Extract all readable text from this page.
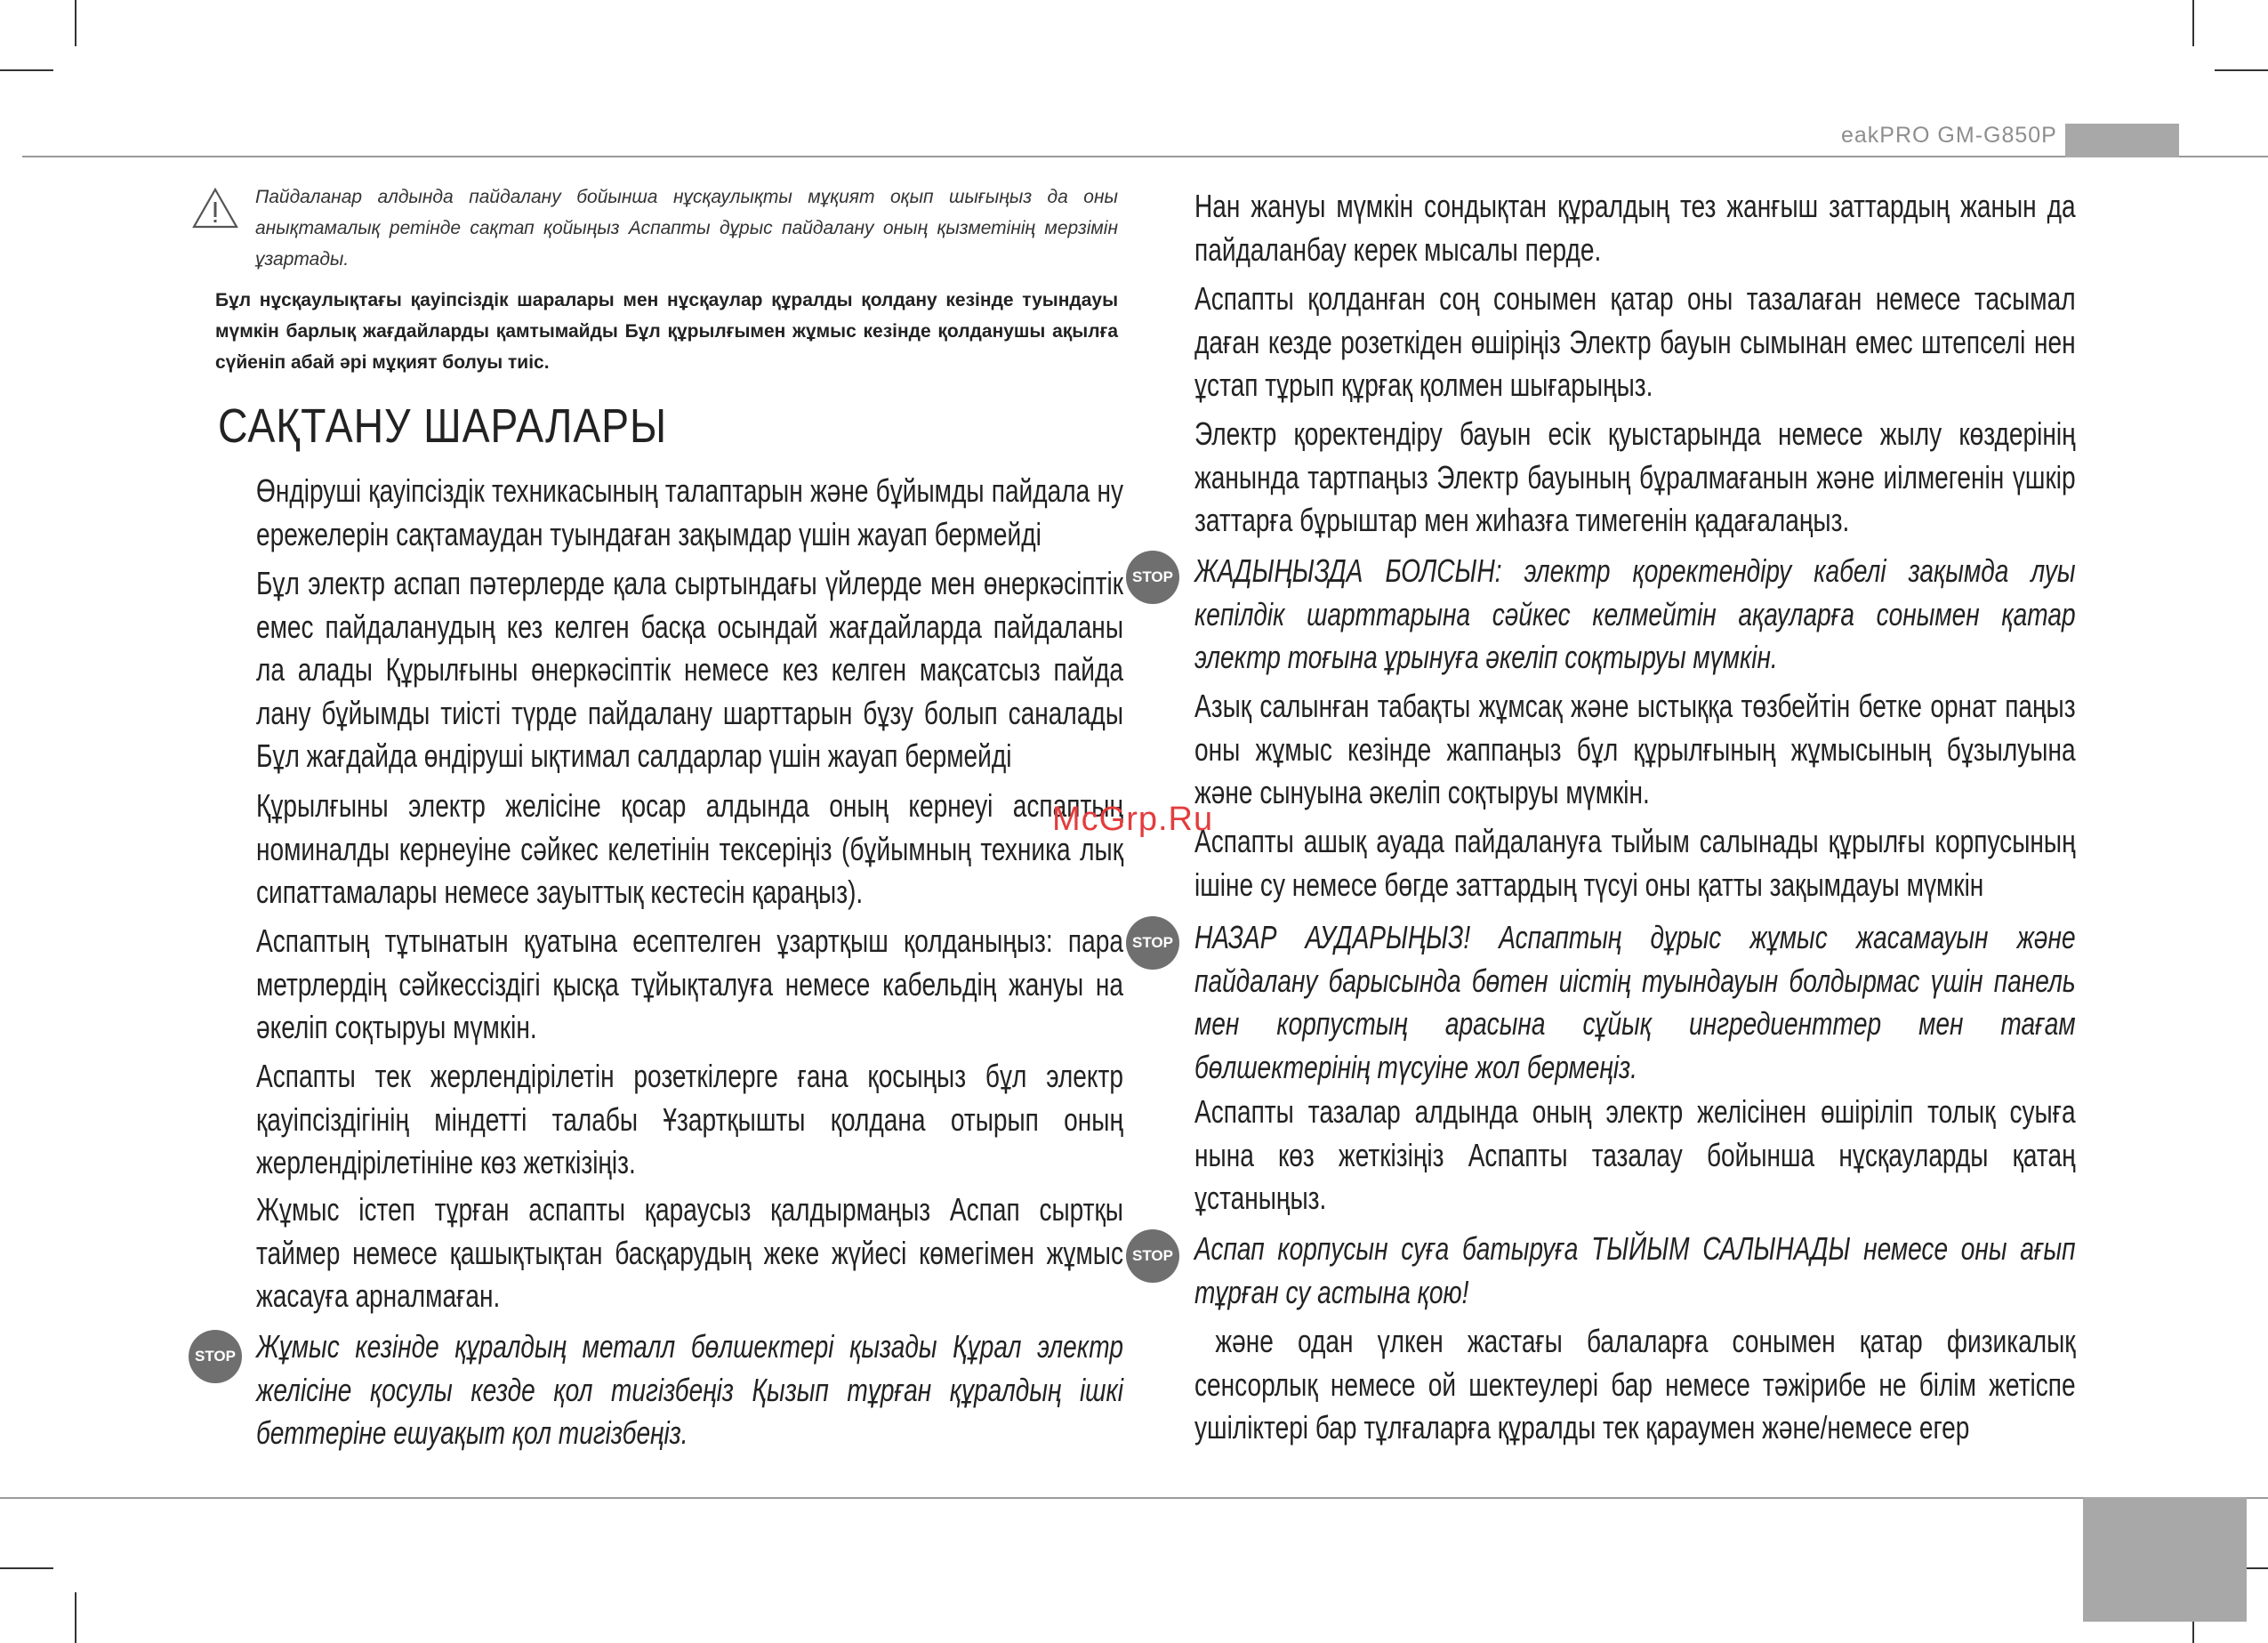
eakPRO GM-G850P
Пайдаланар алдында пайдалану бойынша нұсқаулықты мұқият оқып шығыңыз да оны анықтамалық ретінде сақтап қойыңыз Аспапты дұрыс пайдалану оның қызметінің мерзімін ұзартады.
Бұл нұсқаулықтағы қауіпсіздік шаралары мен нұсқаулар құралды қолдану кезінде туындауы мүмкін барлық жағдайларды қамтымайды Бұл құрылғымен жұмыс кезінде қолданушы ақылға сүйеніп абай әрі мұқият болуы тиіс.
САҚТАНУ ШАРАЛАРЫ
Өндіруші қауіпсіздік техникасының талаптарын және бұйымды пайдала ну ережелерін сақтамаудан туындаған зақымдар үшін жауап бермейді
Бұл электр аспап пәтерлерде қала сыртындағы үйлерде мен өнеркәсіптік емес пайдаланудың кез келген басқа осындай жағдайларда пайдаланы ла алады Құрылғыны өнеркәсіптік немесе кез келген мақсатсыз пайда лану бұйымды тиісті түрде пайдалану шарттарын бұзу болып саналады Бұл жағдайда өндіруші ықтимал салдарлар үшін жауап бермейді
Құрылғыны электр желісіне қосар алдында оның кернеуі аспаптың номиналды кернеуіне сәйкес келетінін тексеріңіз (бұйымның техника лық сипаттамалары немесе зауыттық кестесін қараңыз).
Аспаптың тұтынатын қуатына есептелген ұзартқыш қолданыңыз: пара метрлердің сәйкессіздігі қысқа тұйықталуға немесе кабельдің жануы на әкеліп соқтыруы мүмкін.
Аспапты тек жерлендірілетін розеткілерге ғана қосыңыз бұл электр қауіпсіздігінің міндетті талабы Ұзартқышты қолдана отырып оның жерлендірілетініне көз жеткізіңіз.
Жұмыс істеп тұрған аспапты қараусыз қалдырмаңыз Аспап сыртқы таймер немесе қашықтықтан басқарудың жеке жүйесі көмегімен жұмыс жасауға арналмаған.
STOP Жұмыс кезінде құралдың металл бөлшектері қызады Құрал электр желісіне қосулы кезде қол тигізбеңіз Қызып тұрған құралдың ішкі беттеріне ешуақыт қол тигізбеңіз.
Нан жануы мүмкін сондықтан құралдың тез жанғыш заттардың жанын да пайдаланбау керек мысалы перде.
Аспапты қолданған соң сонымен қатар оны тазалаған немесе тасымал даған кезде розеткіден өшіріңіз Электр бауын сымынан емес штепселі нен ұстап тұрып құрғақ қолмен шығарыңыз.
Электр қоректендіру бауын есік қуыстарында немесе жылу көздерінің жанында тартпаңыз Электр бауының бұралмағанын және иілмегенін үшкір заттарға бұрыштар мен жиһазға тимегенін қадағалаңыз.
STOP ЖАДЫҢЫЗДА БОЛСЫН: электр қоректендіру кабелі зақымда луы кепілдік шарттарына сәйкес келмейтін ақауларға сонымен қатар электр тоғына ұрынуға әкеліп соқтыруы мүмкін.
Азық салынған табақты жұмсақ және ыстыққа төзбейтін бетке орнат паңыз оны жұмыс кезінде жаппаңыз бұл құрылғының жұмысының бұзылуына және сынуына әкеліп соқтыруы мүмкін.
Аспапты ашық ауада пайдалануға тыйым салынады құрылғы корпусының ішіне су немесе бөгде заттардың түсуі оны қатты зақымдауы мүмкін
STOP НАЗАР АУДАРЫҢЫЗ! Аспаптың дұрыс жұмыс жасамауын және пайдалану барысында бөтен иістің туындауын болдырмас үшін панель мен корпустың арасына сұйық ингредиенттер мен тағам бөлшектерінің түсуіне жол бермеңіз.
Аспапты тазалар алдында оның электр желісінен өшіріліп толық суыға нына көз жеткізіңіз Аспапты тазалау бойынша нұсқауларды қатаң ұстаныңыз.
STOP Аспап корпусын суға батыруға ТЫЙЫМ САЛЫНАДЫ немесе оны ағып тұрған су астына қою!
және одан үлкен жастағы балаларға сонымен қатар физикалық сенсорлық немесе ой шектеулері бар немесе тәжірибе не білім жетіспе ушіліктері бар тұлғаларға құралды тек қараумен және/немесе егер
McGrp.Ru
